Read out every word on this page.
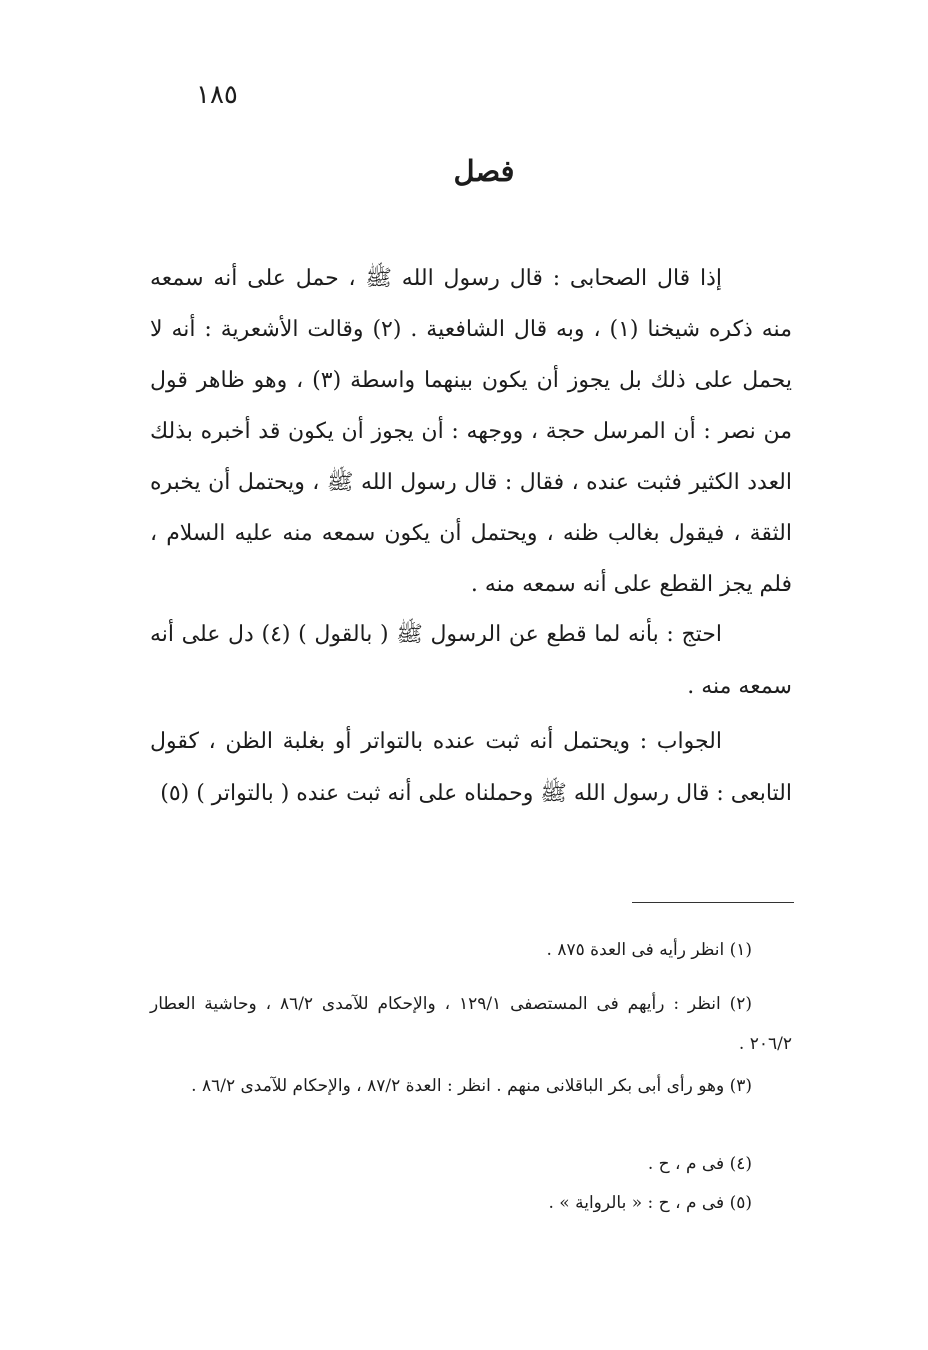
١٨٥
فصل

إذا قال الصحابى : قال رسول الله ﷺ ، حمل على أنه سمعه منه ذكره شيخنا (١) ، وبه قال الشافعية . (٢) وقالت الأشعرية : أنه لا يحمل على ذلك بل يجوز أن يكون بينهما واسطة (٣) ، وهو ظاهر قول من نصر : أن المرسل حجة ، ووجهه : أن يجوز أن يكون قد أخبره بذلك العدد الكثير فثبت عنده ، فقال : قال رسول الله ﷺ ، ويحتمل أن يخبره الثقة ، فيقول بغالب ظنه ، ويحتمل أن يكون سمعه منه عليه السلام ، فلم يجز القطع على أنه سمعه منه .

احتج : بأنه لما قطع عن الرسول ﷺ ( بالقول ) (٤) دل على أنه سمعه منه .

الجواب : ويحتمل أنه ثبت عنده بالتواتر أو بغلبة الظن ، كقول التابعى : قال رسول الله ﷺ وحملناه على أنه ثبت عنده ( بالتواتر ) (٥)

(١) انظر رأيه فى العدة ٨٧٥ .

(٢) انظر : رأيهم فى المستصفى ١٢٩/١ ، والإحكام للآمدى ٨٦/٢ ، وحاشية العطار ٢٠٦/٢ .

(٣) وهو رأى أبى بكر الباقلانى منهم . انظر : العدة ٨٧/٢ ، والإحكام للآمدى ٨٦/٢ .

(٤) فى م ، ح .

(٥) فى م ، ح : « بالرواية » .
